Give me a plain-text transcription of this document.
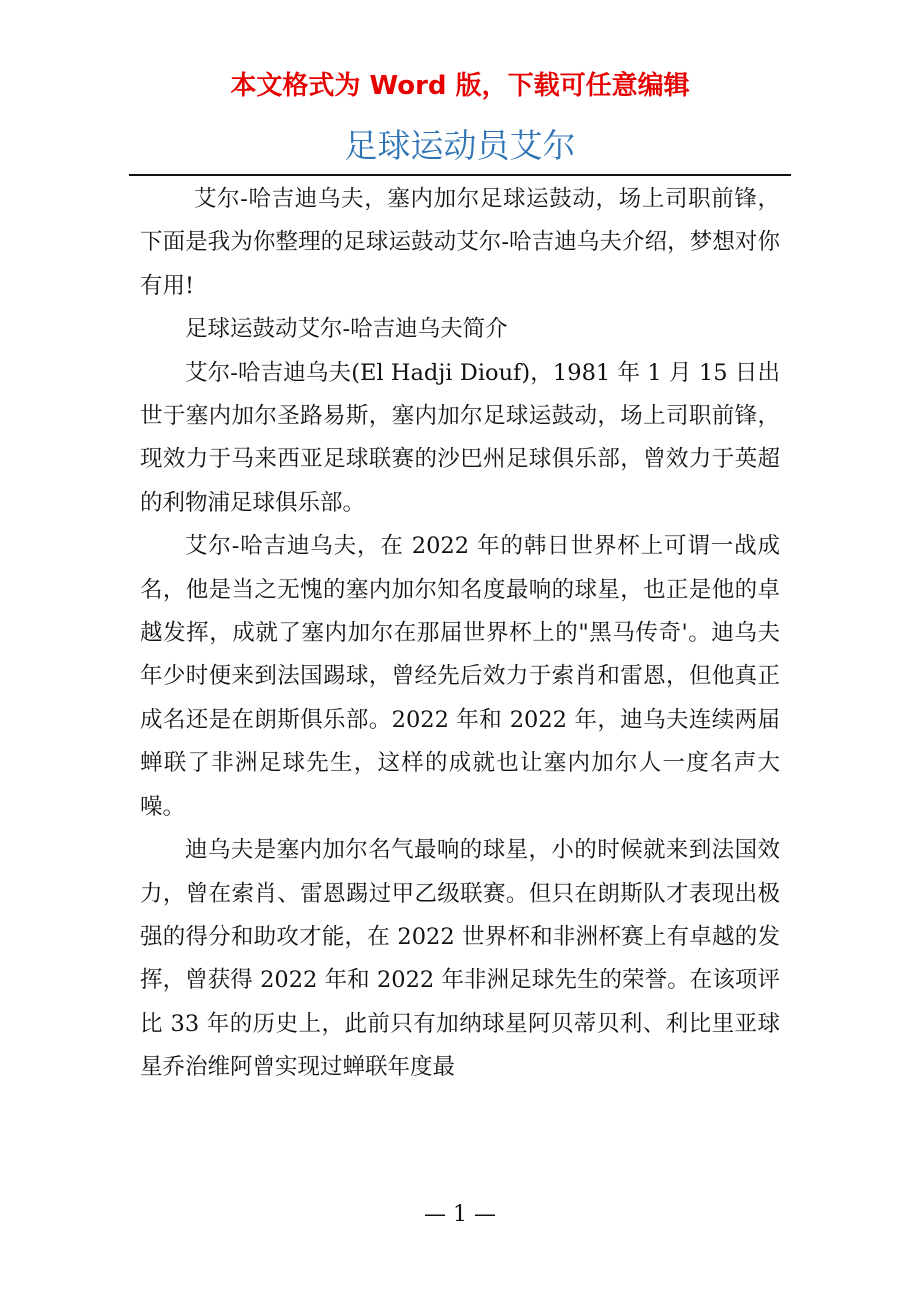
本文格式为 Word 版，下载可任意编辑
足球运动员艾尔

艾尔-哈吉迪乌夫，塞内加尔足球运鼓动，场上司职前锋，下面是我为你整理的足球运鼓动艾尔-哈吉迪乌夫介绍，梦想对你有用!

足球运鼓动艾尔-哈吉迪乌夫简介

艾尔-哈吉迪乌夫(El Hadji Diouf)，1981 年 1 月 15 日出世于塞内加尔圣路易斯，塞内加尔足球运鼓动，场上司职前锋，现效力于马来西亚足球联赛的沙巴州足球俱乐部，曾效力于英超的利物浦足球俱乐部。

艾尔-哈吉迪乌夫，在 2022 年的韩日世界杯上可谓一战成名，他是当之无愧的塞内加尔知名度最响的球星，也正是他的卓越发挥，成就了塞内加尔在那届世界杯上的"黑马传奇'。迪乌夫年少时便来到法国踢球，曾经先后效力于索肖和雷恩，但他真正成名还是在朗斯俱乐部。2022 年和 2022 年，迪乌夫连续两届蝉联了非洲足球先生，这样的成就也让塞内加尔人一度名声大噪。

迪乌夫是塞内加尔名气最响的球星，小的时候就来到法国效力，曾在索肖、雷恩踢过甲乙级联赛。但只在朗斯队才表现出极强的得分和助攻才能，在 2022 世界杯和非洲杯赛上有卓越的发挥，曾获得 2022 年和 2022 年非洲足球先生的荣誉。在该项评比 33 年的历史上，此前只有加纳球星阿贝蒂贝利、利比里亚球星乔治维阿曾实现过蝉联年度最

— 1 —
